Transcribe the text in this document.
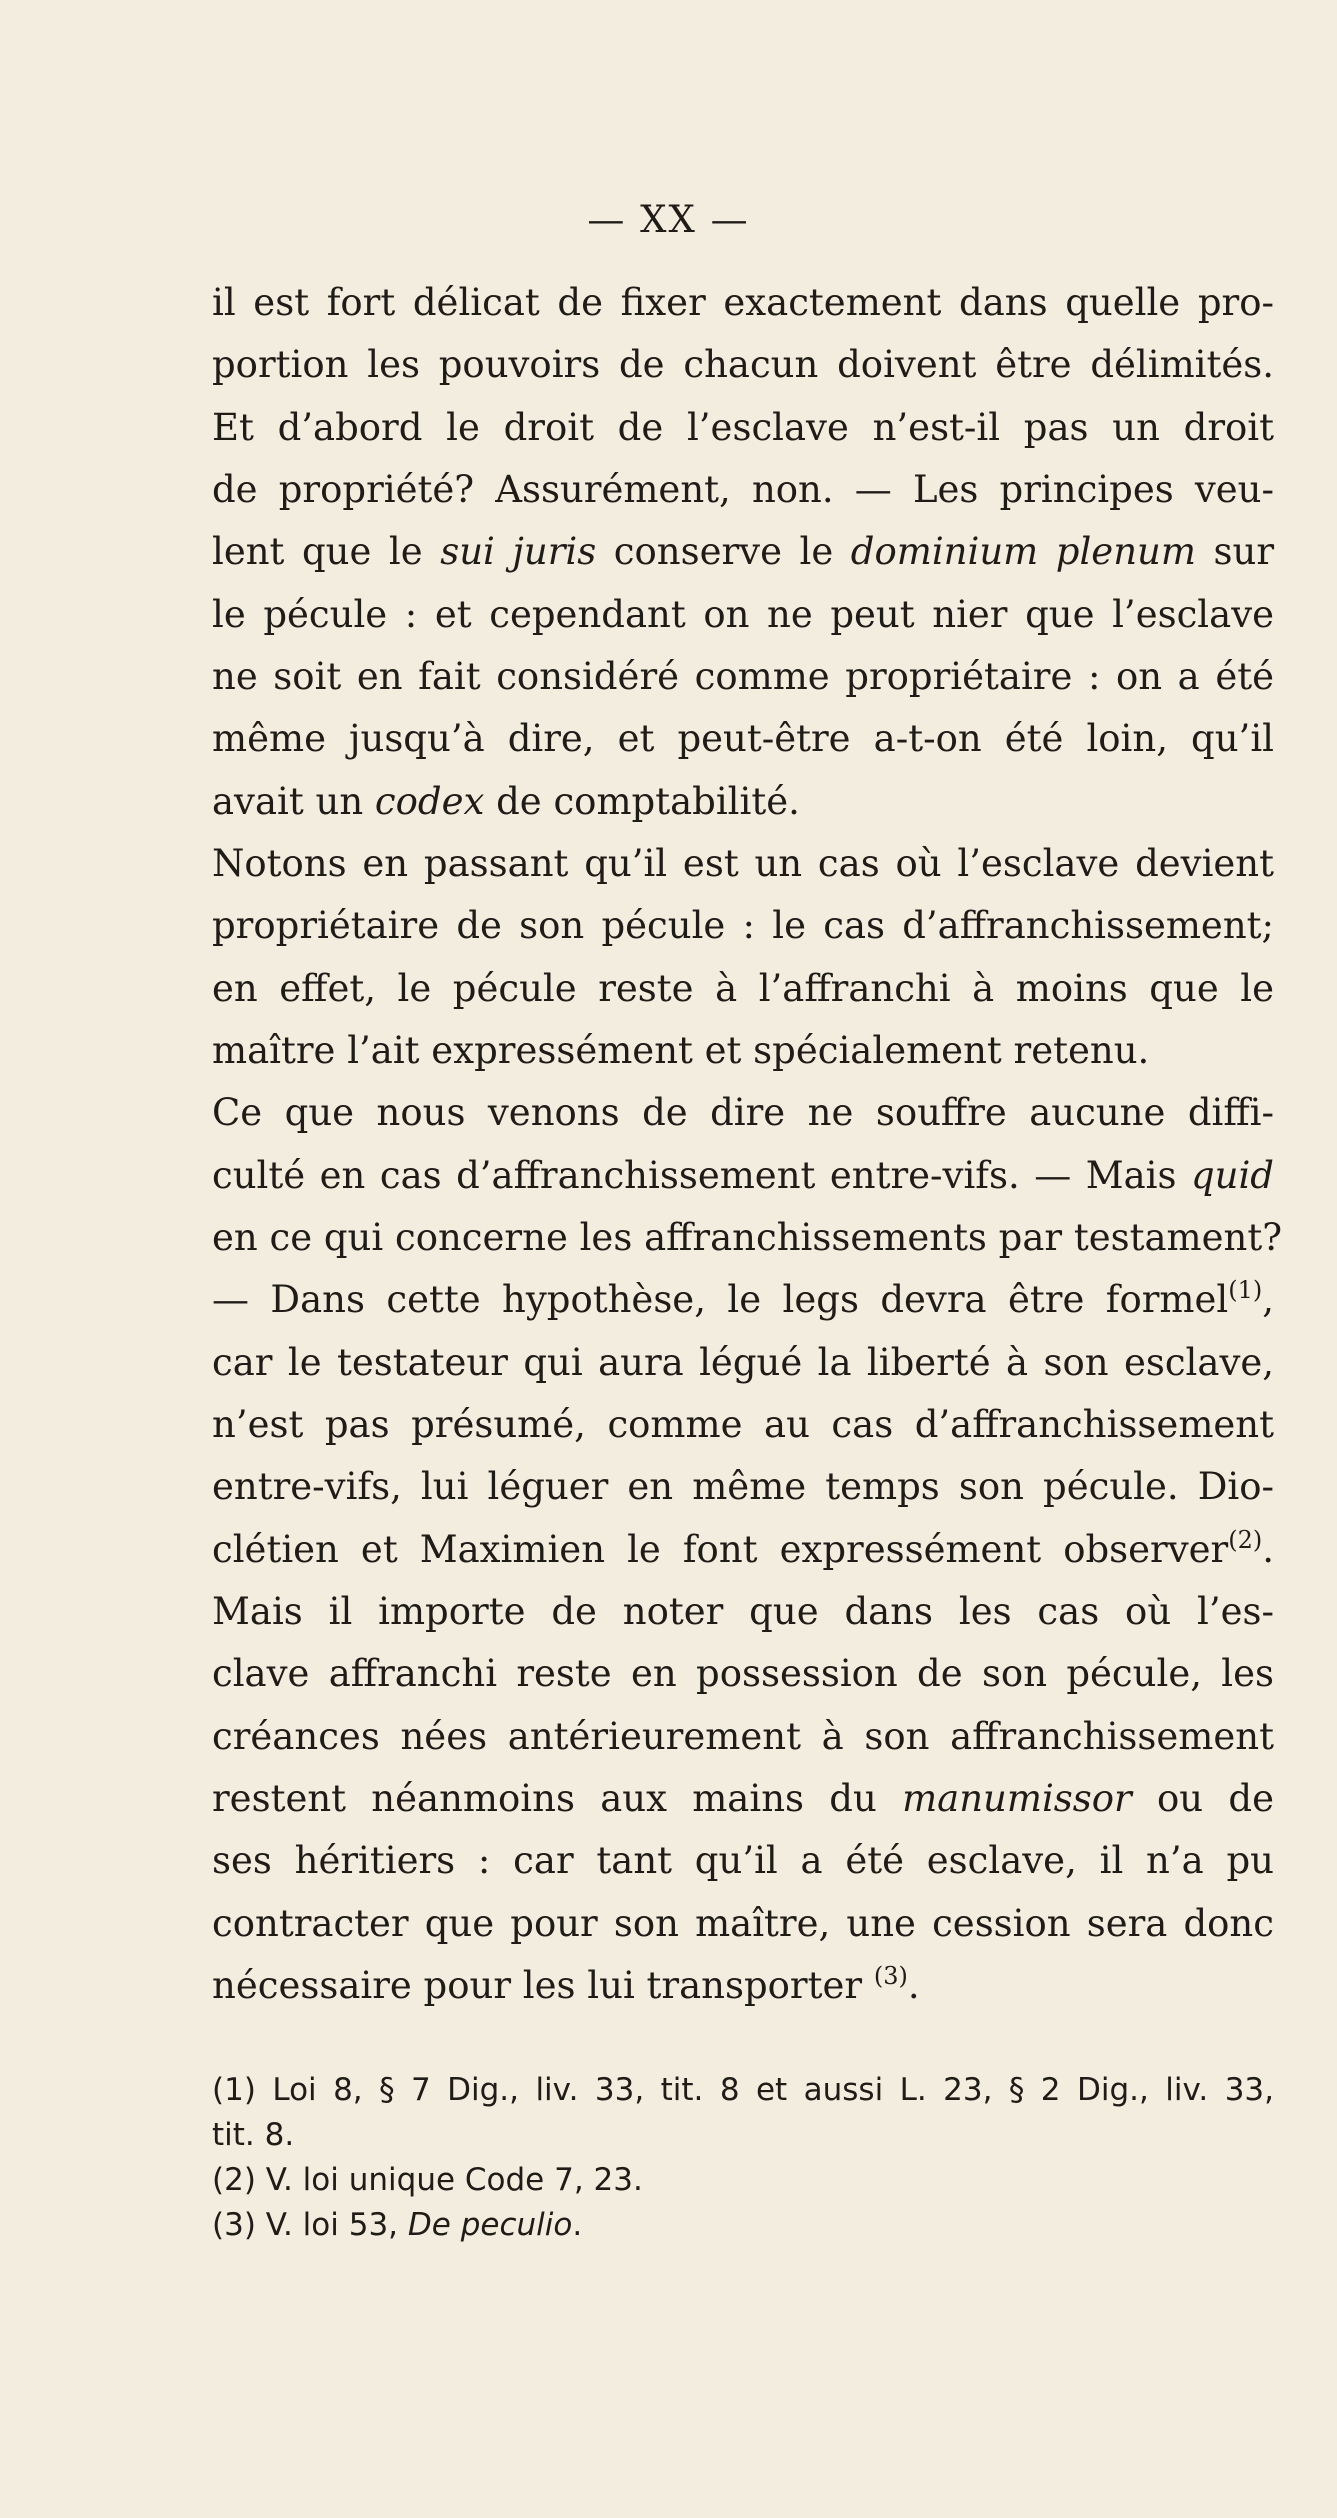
— XX —
il est fort délicat de fixer exactement dans quelle pro-
portion les pouvoirs de chacun doivent être délimités.
Et d’abord le droit de l’esclave n’est-il pas un droit
de propriété? Assurément, non. — Les principes veu-
lent que le sui juris conserve le dominium plenum sur
le pécule : et cependant on ne peut nier que l’esclave
ne soit en fait considéré comme propriétaire : on a été
même jusqu’à dire, et peut-être a-t-on été loin, qu’il
avait un codex de comptabilité.
Notons en passant qu’il est un cas où l’esclave devient
propriétaire de son pécule : le cas d’affranchissement;
en effet, le pécule reste à l’affranchi à moins que le
maître l’ait expressément et spécialement retenu.
Ce que nous venons de dire ne souffre aucune diffi-
culté en cas d’affranchissement entre-vifs. — Mais quid
en ce qui concerne les affranchissements par testament?
— Dans cette hypothèse, le legs devra être formel$^{(1)}$,
car le testateur qui aura légué la liberté à son esclave,
n’est pas présumé, comme au cas d’affranchissement
entre-vifs, lui léguer en même temps son pécule. Dio-
clétien et Maximien le font expressément observer$^{(2)}$.
Mais il importe de noter que dans les cas où l’es-
clave affranchi reste en possession de son pécule, les
créances nées antérieurement à son affranchissement
restent néanmoins aux mains du manumissor ou de
ses héritiers : car tant qu’il a été esclave, il n’a pu
contracter que pour son maître, une cession sera donc
nécessaire pour les lui transporter $^{(3)}$.
(1) Loi 8, § 7 Dig., liv. 33, tit. 8 et aussi L. 23, § 2 Dig., liv. 33,
tit. 8.
(2) V. loi unique Code 7, 23.
(3) V. loi 53, De peculio.
